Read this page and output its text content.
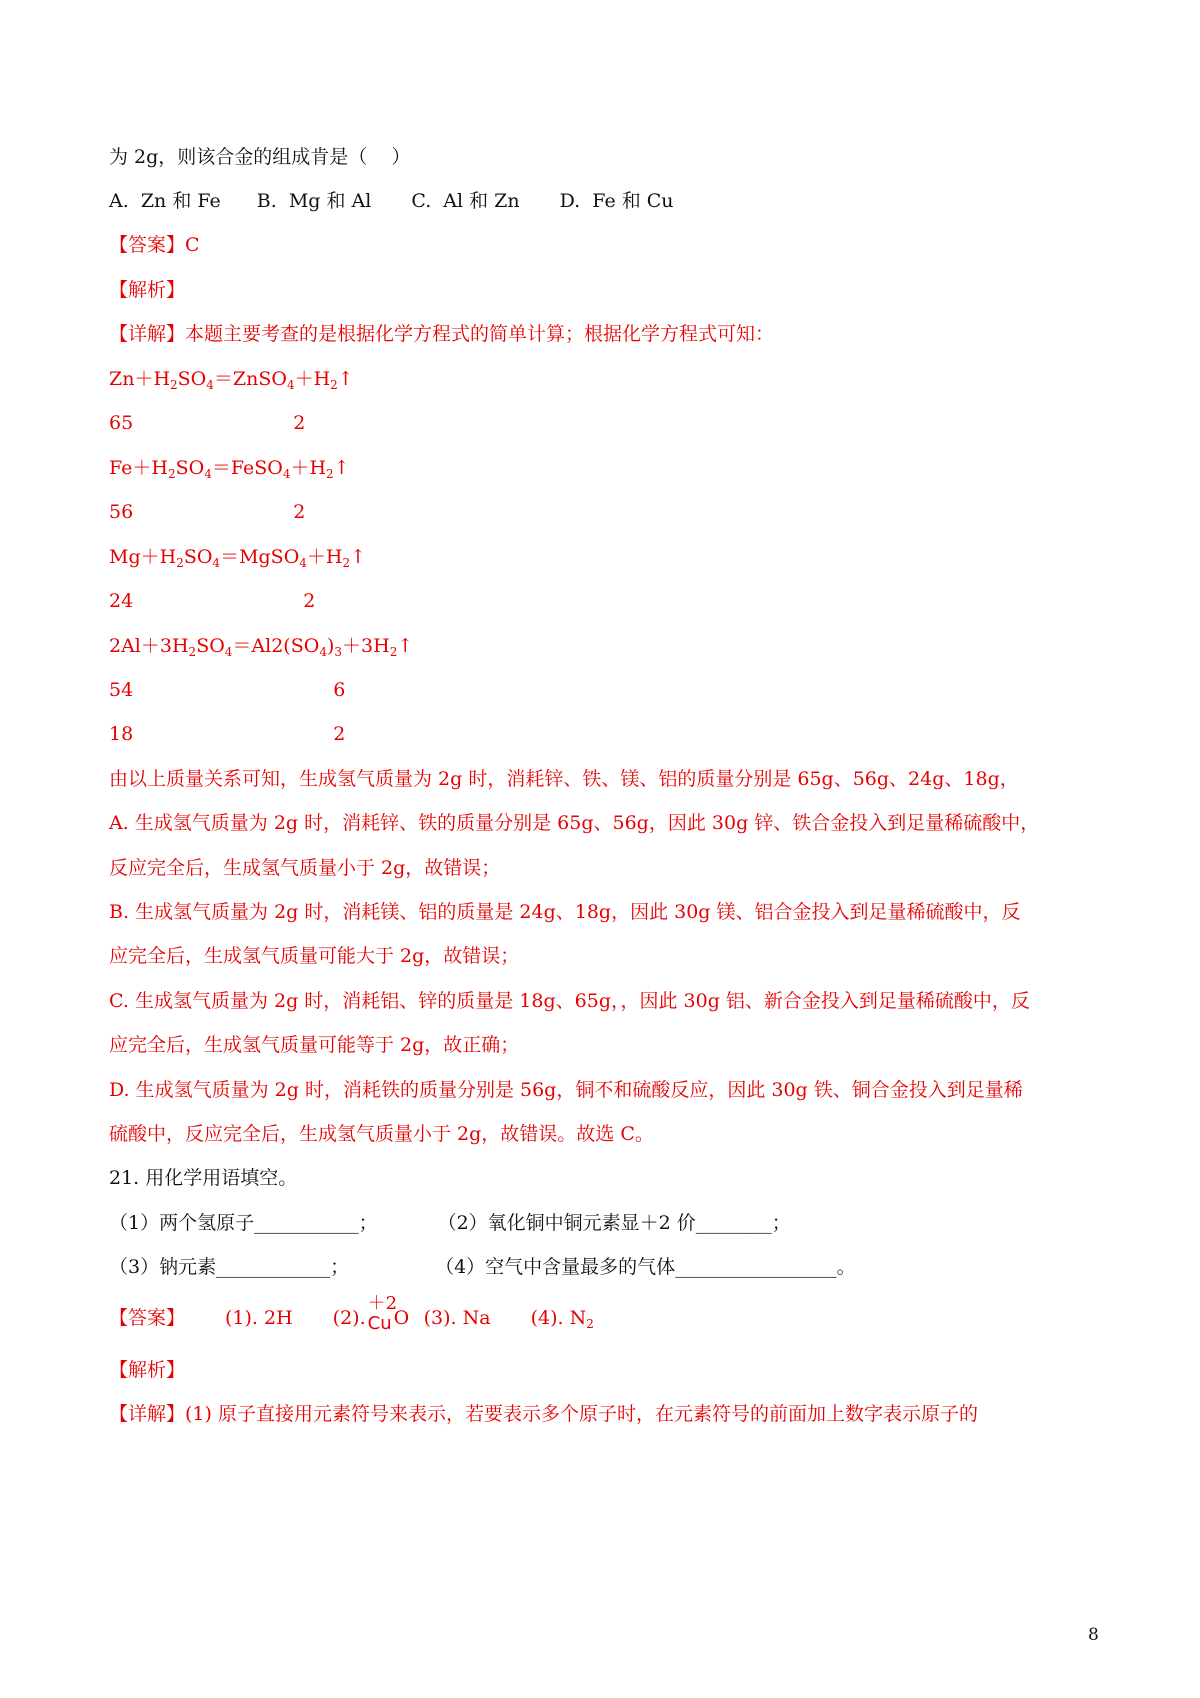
为 2g，则该合金的组成肯是（    ）

A.  Zn 和 Fe B.  Mg 和 Al C.  Al 和 Zn D.  Fe 和 Cu

【答案】C

【解析】

【详解】本题主要考查的是根据化学方程式的简单计算；根据化学方程式可知：

$Zn+H_2SO_4=ZnSO_4+H_2↑$

65	2

$Fe+H_2SO_4=FeSO_4+H_2↑$

56	2

$Mg+H_2SO_4=MgSO_4+H_2↑$

24	2

$2Al+3H_2SO_4=Al2(SO_4)_3+3H_2↑$

54	6

18	2

由以上质量关系可知，生成氢气质量为 2g 时，消耗锌、铁、镁、铝的质量分别是 65g、56g、24g、18g，

A. 生成氢气质量为 2g 时，消耗锌、铁的质量分别是 65g、56g，因此 30g 锌、铁合金投入到足量稀硫酸中，

反应完全后，生成氢气质量小于 2g，故错误；

B. 生成氢气质量为 2g 时，消耗镁、铝的质量是 24g、18g，因此 30g 镁、铝合金投入到足量稀硫酸中，反

应完全后，生成氢气质量可能大于 2g，故错误；

C. 生成氢气质量为 2g 时，消耗铝、锌的质量是 18g、65g，，因此 30g 铝、新合金投入到足量稀硫酸中，反

应完全后，生成氢气质量可能等于 2g，故正确；

D. 生成氢气质量为 2g 时，消耗铁的质量分别是 56g，铜不和硫酸反应，因此 30g 铁、铜合金投入到足量稀

硫酸中，反应完全后，生成氢气质量小于 2g，故错误。故选 C。

21. 用化学用语填空。

（1）两个氢原子___________；	（2）氧化铜中铜元素显＋2 价________；

（3）钠元素____________；	（4）空气中含量最多的气体_________________。

【答案】 (1). 2H (2).
＋2
Cu O (3). Na (4). $N_2$

【解析】

【详解】(1) 原子直接用元素符号来表示，若要表示多个原子时，在元素符号的前面加上数字表示原子的

8
